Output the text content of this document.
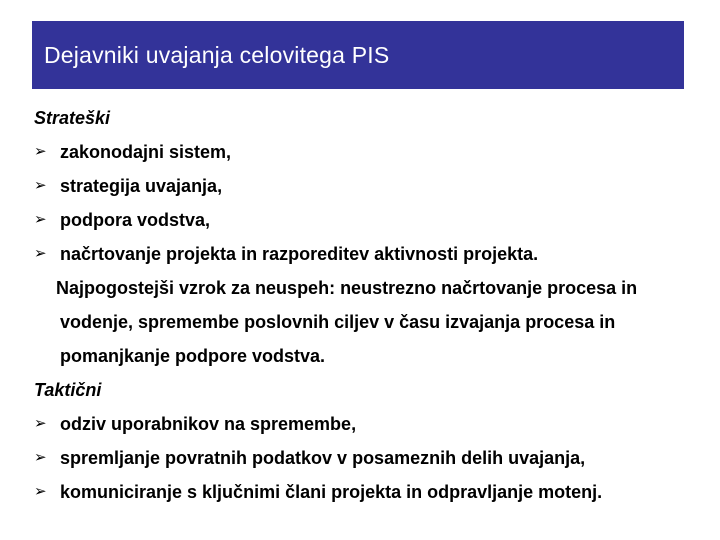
Dejavniki uvajanja celovitega PIS
Strateški
➢ zakonodajni sistem,
➢ strategija uvajanja,
➢ podpora vodstva,
➢ načrtovanje projekta in razporeditev aktivnosti projekta.
Najpogostejši vzrok za neuspeh: neustrezno načrtovanje procesa in
vodenje, spremembe poslovnih ciljev v času izvajanja procesa in
pomanjkanje podpore vodstva.
Taktični
➢ odziv uporabnikov na spremembe,
➢ spremljanje povratnih podatkov v posameznih delih uvajanja,
➢ komuniciranje s ključnimi člani projekta in odpravljanje motenj.
